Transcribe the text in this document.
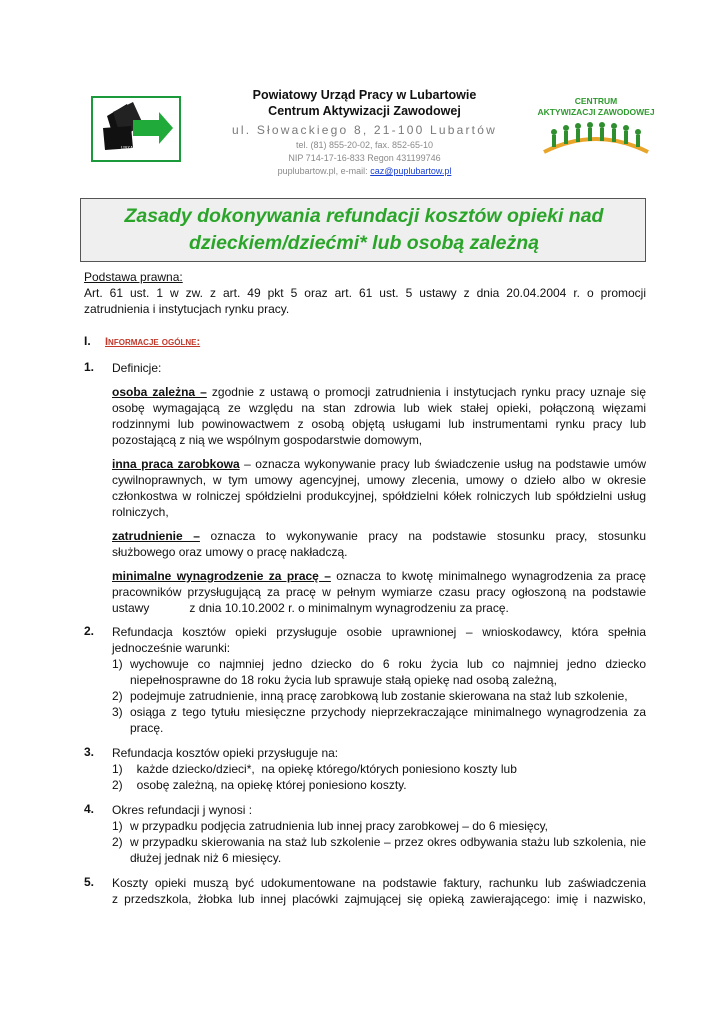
URZĄD PRACY
Powiatowy Urząd Pracy w Lubartowie
Centrum Aktywizacji Zawodowej
ul. Słowackiego 8, 21-100 Lubartów
tel. (81) 855-20-02, fax. 852-65-10
NIP 714-17-16-833 Regon 431199746
puplubartow.pl, e-mail: caz@puplubartow.pl
CENTRUM
AKTYWIZACJI ZAWODOWEJ
Zasady dokonywania refundacji kosztów opieki nad
dzieckiem/dziećmi* lub osobą zależną
Podstawa prawna:
Art. 61 ust. 1 w zw. z art. 49 pkt 5 oraz art. 61 ust. 5 ustawy z dnia 20.04.2004 r. o promocji
zatrudnienia i instytucjach rynku pracy.
I. Informacje ogólne:
1. Definicje:
osoba zależna – zgodnie z ustawą o promocji zatrudnienia i instytucjach rynku pracy uznaje się
osobę wymagającą ze względu na stan zdrowia lub wiek stałej opieki, połączoną więzami
rodzinnymi lub powinowactwem z osobą objętą usługami lub instrumentami rynku pracy lub
pozostającą z nią we wspólnym gospodarstwie domowym,
inna praca zarobkowa – oznacza wykonywanie pracy lub świadczenie usług na podstawie umów
cywilnoprawnych, w tym umowy agencyjnej, umowy zlecenia, umowy o dzieło albo w okresie
członkostwa w rolniczej spółdzielni produkcyjnej, spółdzielni kółek rolniczych lub spółdzielni usług
rolniczych,
zatrudnienie – oznacza to wykonywanie pracy na podstawie stosunku pracy, stosunku
służbowego oraz umowy o pracę nakładczą.
minimalne wynagrodzenie za pracę – oznacza to kwotę minimalnego wynagrodzenia za pracę
pracowników przysługującą za pracę w pełnym wymiarze czasu pracy ogłoszoną na podstawie
ustawy            z dnia 10.10.2002 r. o minimalnym wynagrodzeniu za pracę.
2. Refundacja kosztów opieki przysługuje osobie uprawnionej – wnioskodawcy, która spełnia
jednocześnie warunki:
1) wychowuje co najmniej jedno dziecko do 6 roku życia lub co najmniej jedno dziecko
niepełnosprawne do 18 roku życia lub sprawuje stałą opiekę nad osobą zależną,
2) podejmuje zatrudnienie, inną pracę zarobkową lub zostanie skierowana na staż lub szkolenie,
3) osiąga z tego tytułu miesięczne przychody nieprzekraczające minimalnego wynagrodzenia za
pracę.
3. Refundacja kosztów opieki przysługuje na:
1) każde dziecko/dzieci*,  na opiekę którego/których poniesiono koszty lub
2) osobę zależną, na opiekę której poniesiono koszty.
4. Okres refundacji j wynosi :
1) w przypadku podjęcia zatrudnienia lub innej pracy zarobkowej – do 6 miesięcy,
2) w przypadku skierowania na staż lub szkolenie – przez okres odbywania stażu lub szkolenia, nie
dłużej jednak niż 6 miesięcy.
5. Koszty opieki muszą być udokumentowane na podstawie faktury, rachunku lub zaświadczenia
z przedszkola, żłobka lub innej placówki zajmującej się opieką zawierającego: imię i nazwisko,
